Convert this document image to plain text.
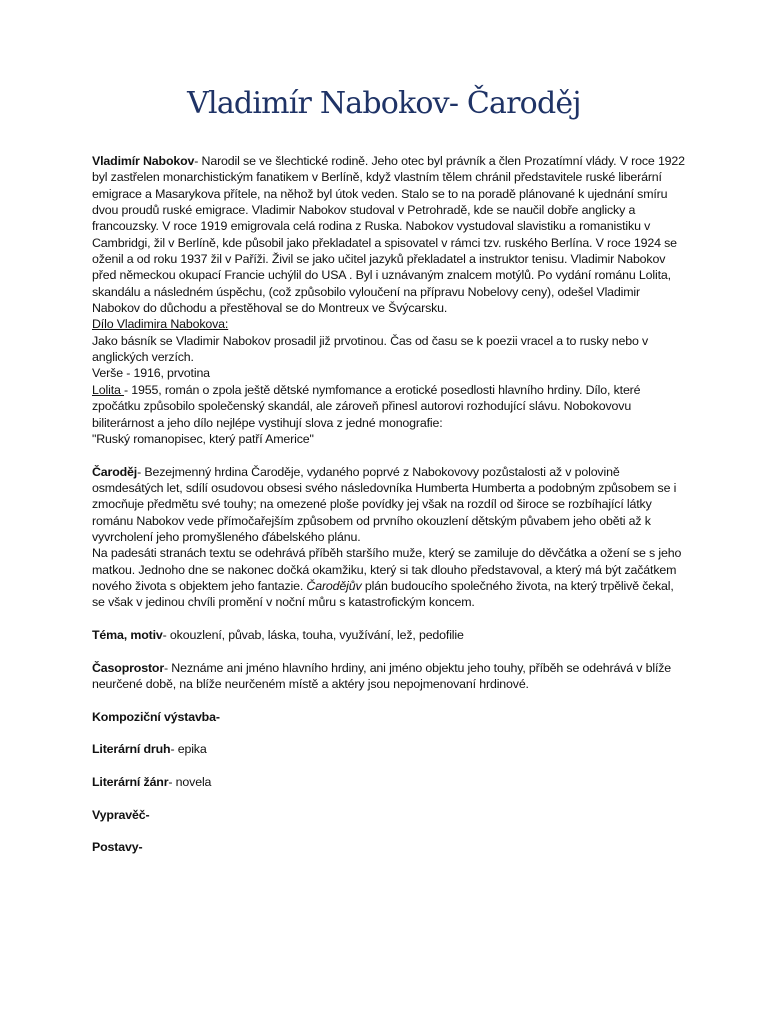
Vladimír Nabokov- Čaroděj

Vladimír Nabokov- Narodil se ve šlechtické rodině. Jeho otec byl právník a člen Prozatímní vlády. V roce 1922 byl zastřelen monarchistickým fanatikem v Berlíně, když vlastním tělem chránil představitele ruské liberární emigrace a Masarykova přítele, na něhož byl útok veden. Stalo se to na poradě plánované k ujednání smíru dvou proudů ruské emigrace. Vladimir Nabokov studoval v Petrohradě, kde se naučil dobře anglicky a francouzsky. V roce 1919 emigrovala celá rodina z Ruska. Nabokov vystudoval slavistiku a romanistiku v Cambridgi, žil v Berlíně, kde působil jako překladatel a spisovatel v rámci tzv. ruského Berlína. V roce 1924 se oženil a od roku 1937 žil v Paříži. Živil se jako učitel jazyků překladatel a instruktor tenisu. Vladimir Nabokov před německou okupací Francie uchýlil do USA . Byl i uznávaným znalcem motýlů. Po vydání románu Lolita, skandálu a následném úspěchu, (což způsobilo vyloučení na přípravu Nobelovy ceny), odešel Vladimir Nabokov do důchodu a přestěhoval se do Montreux ve Švýcarsku.

Dílo Vladimira Nabokova:

Jako básník se Vladimir Nabokov prosadil již prvotinou. Čas od času se k poezii vracel a to rusky nebo v anglických verzích.

Verše - 1916, prvotina

Lolita - 1955, román o zpola ještě dětské nymfomance a erotické posedlosti hlavního hrdiny. Dílo, které zpočátku způsobilo společenský skandál, ale zároveň přinesl autorovi rozhodující slávu. Nobokovovu biliterárnost a jeho dílo nejlépe vystihují slova z jedné monografie:

"Ruský romanopisec, který patří Americe"

Čaroděj- Bezejmenný hrdina Čaroděje, vydaného poprvé z Nabokovovy pozůstalosti až v polovině osmdesátých let, sdílí osudovou obsesi svého následovníka Humberta Humberta a podobným způsobem se i zmocňuje předmětu své touhy; na omezené ploše povídky jej však na rozdíl od široce se rozbíhající látky románu Nabokov vede přímočařejším způsobem od prvního okouzlení dětským půvabem jeho oběti až k vyvrcholení jeho promyšleného ďábelského plánu.

Na padesáti stranách textu se odehrává příběh staršího muže, který se zamiluje do děvčátka a ožení se s jeho matkou. Jednoho dne se nakonec dočká okamžiku, který si tak dlouho představoval, a který má být začátkem nového života s objektem jeho fantazie. Čarodějův plán budoucího společného života, na který trpělivě čekal, se však v jedinou chvíli promění v noční můru s katastrofickým koncem.

Téma, motiv- okouzlení, půvab, láska, touha, využívání, lež, pedofilie

Časoprostor- Neznáme ani jméno hlavního hrdiny, ani jméno objektu jeho touhy, příběh se odehrává v blíže neurčené době, na blíže neurčeném místě a aktéry jsou nepojmenovaní hrdinové.

Kompoziční výstavba-

Literární druh- epika

Literární žánr- novela

Vypravěč-

Postavy-
